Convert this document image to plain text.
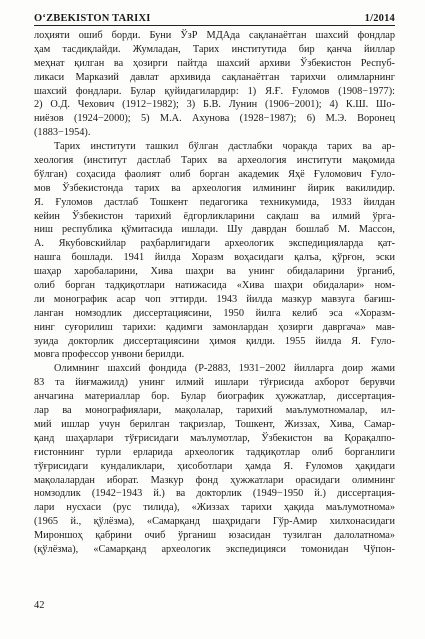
O‘ZBEKISTON TARIXI	1/2014
лоҳияти ошиб борди. Буни ЎзР МДАда сақланаётган шахсий фондлар
ҳам тасдиқлайди. Жумладан, Тарих институтида бир қанча йиллар
меҳнат қилган ва ҳозирги пайтда шахсий архиви Ўзбекистон Респуб-
ликаси Марказий давлат архивида сақланаётган тарихчи олимларнинг
шахсий фондлари. Булар қуйидагилардир: 1) Я.Ғ. Ғуломов (1908−1977):
2) О.Д. Чехович (1912−1982); 3) Б.В. Лунин (1906−2001); 4) К.Ш. Шо-
ниёзов (1924−2000); 5) М.А. Ахунова (1928−1987); 6) М.Э. Воронец
(1883−1954).
Тарих институти ташкил бўлган дастлабки чоракда тарих ва ар-
хеология (институт дастлаб Тарих ва археология институти мақомида
бўлган) соҳасида фаолият олиб борган академик Яҳё Ғуломович Ғуло-
мов Ўзбекистонда тарих ва археология илмининг йирик вакилидир.
Я. Ғуломов дастлаб Тошкент педагогика техникумида, 1933 йилдан
кейин Ўзбекистон тарихий ёдгорликларини сақлаш ва илмий ўрга-
ниш республика қўмитасида ишлади. Шу даврдан бошлаб М. Массон,
А. Якубовскийлар раҳбарлигидаги археологик экспедицияларда қат-
нашга бошлади. 1941 йилда Хоразм воҳасидаги қалъа, қўрғон, эски
шаҳар харобаларини, Хива шаҳри ва унинг обидаларини ўрганиб,
олиб борган тадқиқотлари натижасида «Хива шаҳри обидалари» ном-
ли монографик асар чоп эттирди. 1943 йилда мазкур мавзуга бағиш-
ланган номзодлик диссертациясини, 1950 йилга келиб эса «Хоразм-
нинг суғорилиш тарихи: қадимги замонлардан ҳозирги давргача» мав-
зуида докторлик диссертациясини ҳимоя қилди. 1955 йилда Я. Ғуло-
мовга профессор унвони берилди.
Олимнинг шахсий фондида (Р-2883, 1931−2002 йилларга доир жами
83 та йиғмажилд) унинг илмий ишлари тўғрисида ахборот берувчи
анчагина материаллар бор. Булар биографик ҳужжатлар, диссертация-
лар ва монографиялари, мақолалар, тарихий маълумотномалар, ил-
мий ишлар учун берилган тақризлар, Тошкент, Жиззах, Хива, Самар-
қанд шаҳарлари тўғрисидаги маълумотлар, Ўзбекистон ва Қорақалпо-
ғистоннинг турли ерларида археологик тадқиқотлар олиб борганлиги
тўғрисидаги кундаликлари, ҳисоботлари ҳамда Я. Ғуломов ҳақидаги
мақолалардан иборат. Мазкур фонд ҳужжатлари орасидаги олимнинг
номзодлик (1942−1943 й.) ва докторлик (1949−1950 й.) диссертация-
лари нусхаси (рус тилида), «Жиззах тарихи ҳақида маълумотнома»
(1965 й., қўлёзма), «Самарқанд шаҳридаги Гўр-Амир хилхонасидаги
Мироншоҳ қабрини очиб ўрганиш юзасидан тузилган далолатнома»
(қўлёзма), «Самарқанд археологик экспедицияси томонидан Чўпон-
42
